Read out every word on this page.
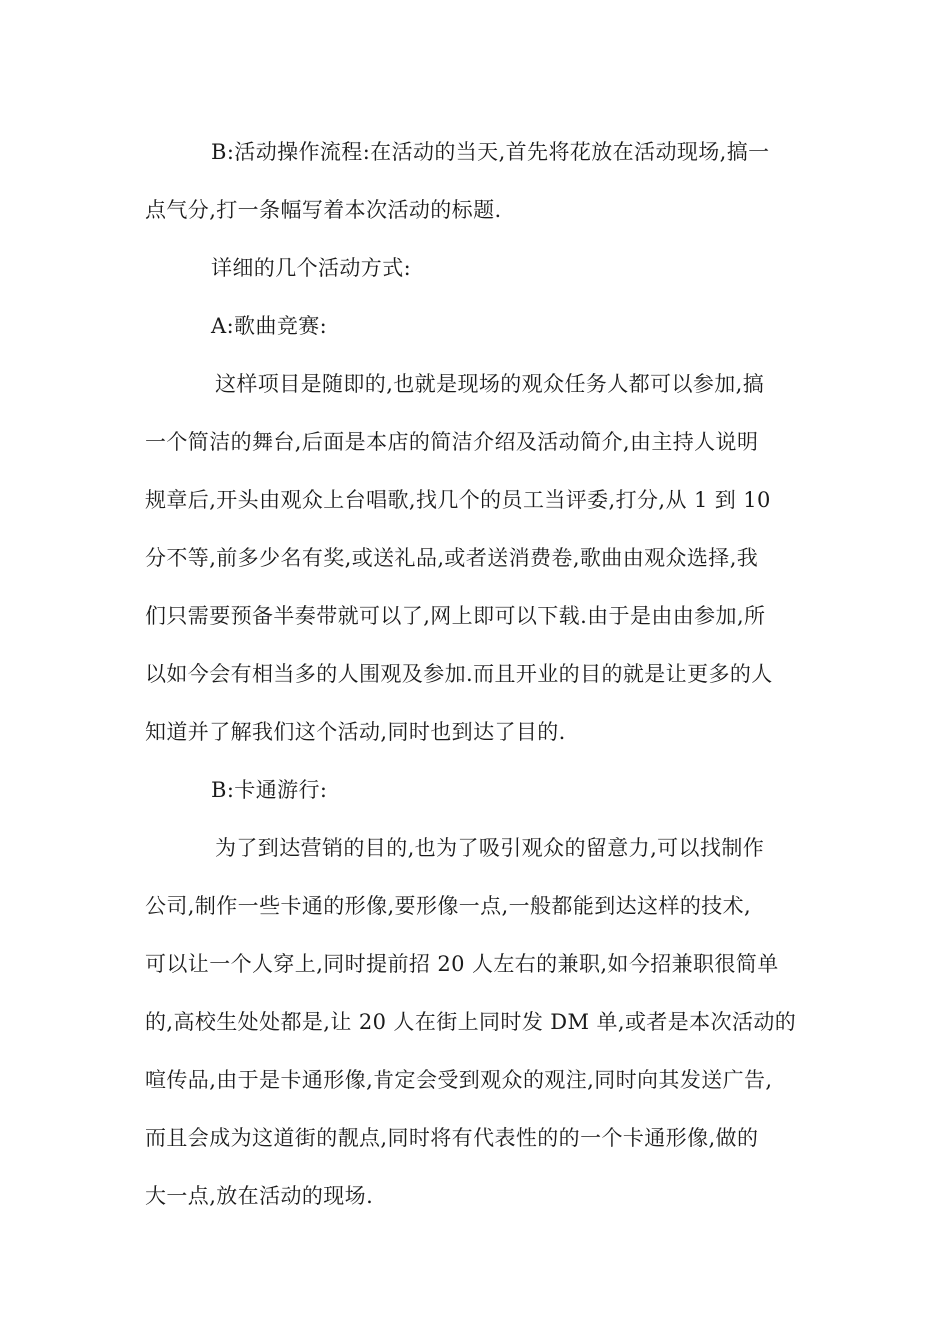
B:活动操作流程:在活动的当天,首先将花放在活动现场,搞一
点气分,打一条幅写着本次活动的标题.
详细的几个活动方式:
A:歌曲竞赛:
这样项目是随即的,也就是现场的观众任务人都可以参加,搞
一个简洁的舞台,后面是本店的简洁介绍及活动简介,由主持人说明
规章后,开头由观众上台唱歌,找几个的员工当评委,打分,从 1 到 10
分不等,前多少名有奖,或送礼品,或者送消费卷,歌曲由观众选择,我
们只需要预备半奏带就可以了,网上即可以下载.由于是由由参加,所
以如今会有相当多的人围观及参加.而且开业的目的就是让更多的人
知道并了解我们这个活动,同时也到达了目的.
B:卡通游行:
为了到达营销的目的,也为了吸引观众的留意力,可以找制作
公司,制作一些卡通的形像,要形像一点,一般都能到达这样的技术,
可以让一个人穿上,同时提前招 20 人左右的兼职,如今招兼职很简单
的,高校生处处都是,让 20 人在街上同时发 DM 单,或者是本次活动的
喧传品,由于是卡通形像,肯定会受到观众的观注,同时向其发送广告,
而且会成为这道街的靓点,同时将有代表性的的一个卡通形像,做的
大一点,放在活动的现场.
